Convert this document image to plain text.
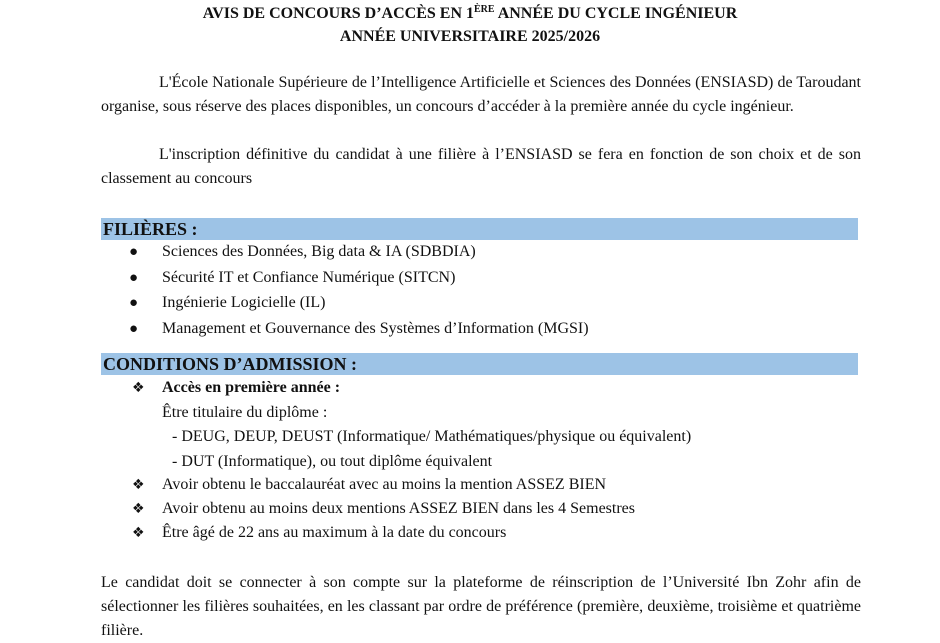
AVIS DE CONCOURS D’ACCÈS EN 1ÈRE ANNÉE DU CYCLE INGÉNIEUR
ANNÉE UNIVERSITAIRE 2025/2026
L'École Nationale Supérieure de l’Intelligence Artificielle et Sciences des Données (ENSIASD) de Taroudant organise, sous réserve des places disponibles, un concours d’accéder à la première année du cycle ingénieur.
L'inscription définitive du candidat à une filière à l’ENSIASD se fera en fonction de son choix et de son classement au concours
FILIÈRES :
● Sciences des Données, Big data & IA (SDBDIA)
● Sécurité IT et Confiance Numérique (SITCN)
● Ingénierie Logicielle (IL)
● Management et Gouvernance des Systèmes d’Information (MGSI)
CONDITIONS D’ADMISSION :
❖ Accès en première année :
Être titulaire du diplôme :
- DEUG, DEUP, DEUST (Informatique/ Mathématiques/physique ou équivalent)
- DUT (Informatique), ou tout diplôme équivalent
❖ Avoir obtenu le baccalauréat avec au moins la mention ASSEZ BIEN
❖ Avoir obtenu au moins deux mentions ASSEZ BIEN dans les 4 Semestres
❖ Être âgé de 22 ans au maximum à la date du concours
Le candidat doit se connecter à son compte sur la plateforme de réinscription de l’Université Ibn Zohr afin de sélectionner les filières souhaitées, en les classant par ordre de préférence (première, deuxième, troisième et quatrième filière.
